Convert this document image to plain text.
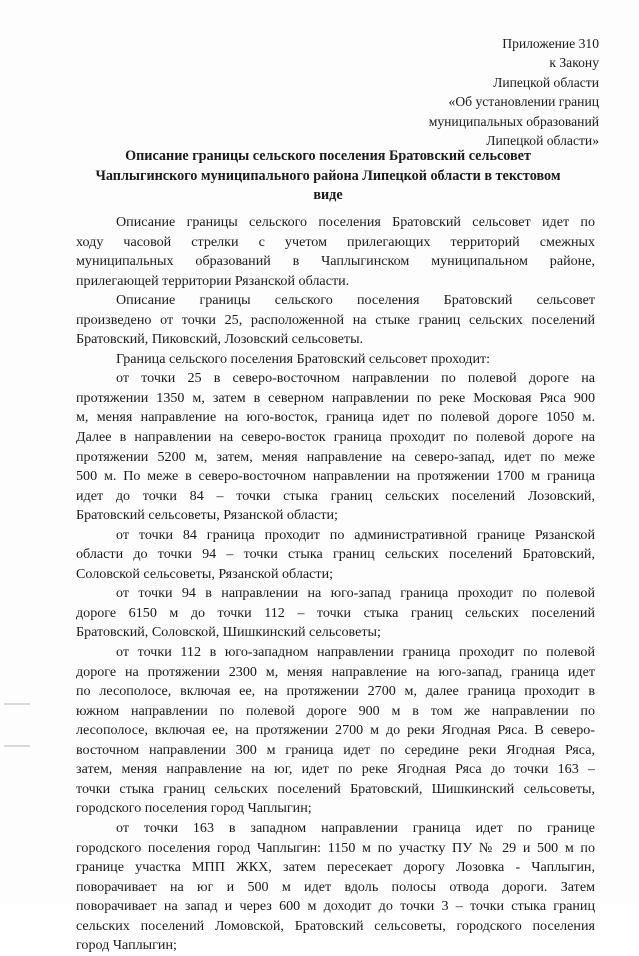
Приложение 310
к Закону
Липецкой области
«Об установлении границ
муниципальных образований
Липецкой области»
Описание границы сельского поселения Братовский сельсовет
Чаплыгинского муниципального района Липецкой области в текстовом
виде
Описание границы сельского поселения Братовский сельсовет идет по
ходу часовой стрелки с учетом прилегающих территорий смежных
муниципальных образований в Чаплыгинском муниципальном районе,
прилегающей территории Рязанской области.
Описание границы сельского поселения Братовский сельсовет
произведено от точки 25, расположенной на стыке границ сельских поселений
Братовский, Пиковский, Лозовский сельсоветы.
Граница сельского поселения Братовский сельсовет проходит:
от точки 25 в северо-восточном направлении по полевой дороге на
протяжении 1350 м, затем в северном направлении по реке Московая Ряса 900
м, меняя направление на юго-восток, граница идет по полевой дороге 1050 м.
Далее в направлении на северо-восток граница проходит по полевой дороге на
протяжении 5200 м, затем, меняя направление на северо-запад, идет по меже
500 м. По меже в северо-восточном направлении на протяжении 1700 м граница
идет до точки 84 – точки стыка границ сельских поселений Лозовский,
Братовский сельсоветы, Рязанской области;
от точки 84 граница проходит по административной границе Рязанской
области до точки 94 – точки стыка границ сельских поселений Братовский,
Соловской сельсоветы, Рязанской области;
от точки 94 в направлении на юго-запад граница проходит по полевой
дороге 6150 м до точки 112 – точки стыка границ сельских поселений
Братовский, Соловской, Шишкинский сельсоветы;
от точки 112 в юго-западном направлении граница проходит по полевой
дороге на протяжении 2300 м, меняя направление на юго-запад, граница идет
по лесополосе, включая ее, на протяжении 2700 м, далее граница проходит в
южном направлении по полевой дороге 900 м в том же направлении по
лесополосе, включая ее, на протяжении 2700 м до реки Ягодная Ряса. В северо-
восточном направлении 300 м граница идет по середине реки Ягодная Ряса,
затем, меняя направление на юг, идет по реке Ягодная Ряса до точки 163 –
точки стыка границ сельских поселений Братовский, Шишкинский сельсоветы,
городского поселения город Чаплыгин;
от точки 163 в западном направлении граница идет по границе
городского поселения город Чаплыгин: 1150 м по участку ПУ № 29 и 500 м по
границе участка МПП ЖКХ, затем пересекает дорогу Лозовка - Чаплыгин,
поворачивает на юг и 500 м идет вдоль полосы отвода дороги. Затем
поворачивает на запад и через 600 м доходит до точки 3 – точки стыка границ
сельских поселений Ломовской, Братовский сельсоветы, городского поселения
город Чаплыгин;
